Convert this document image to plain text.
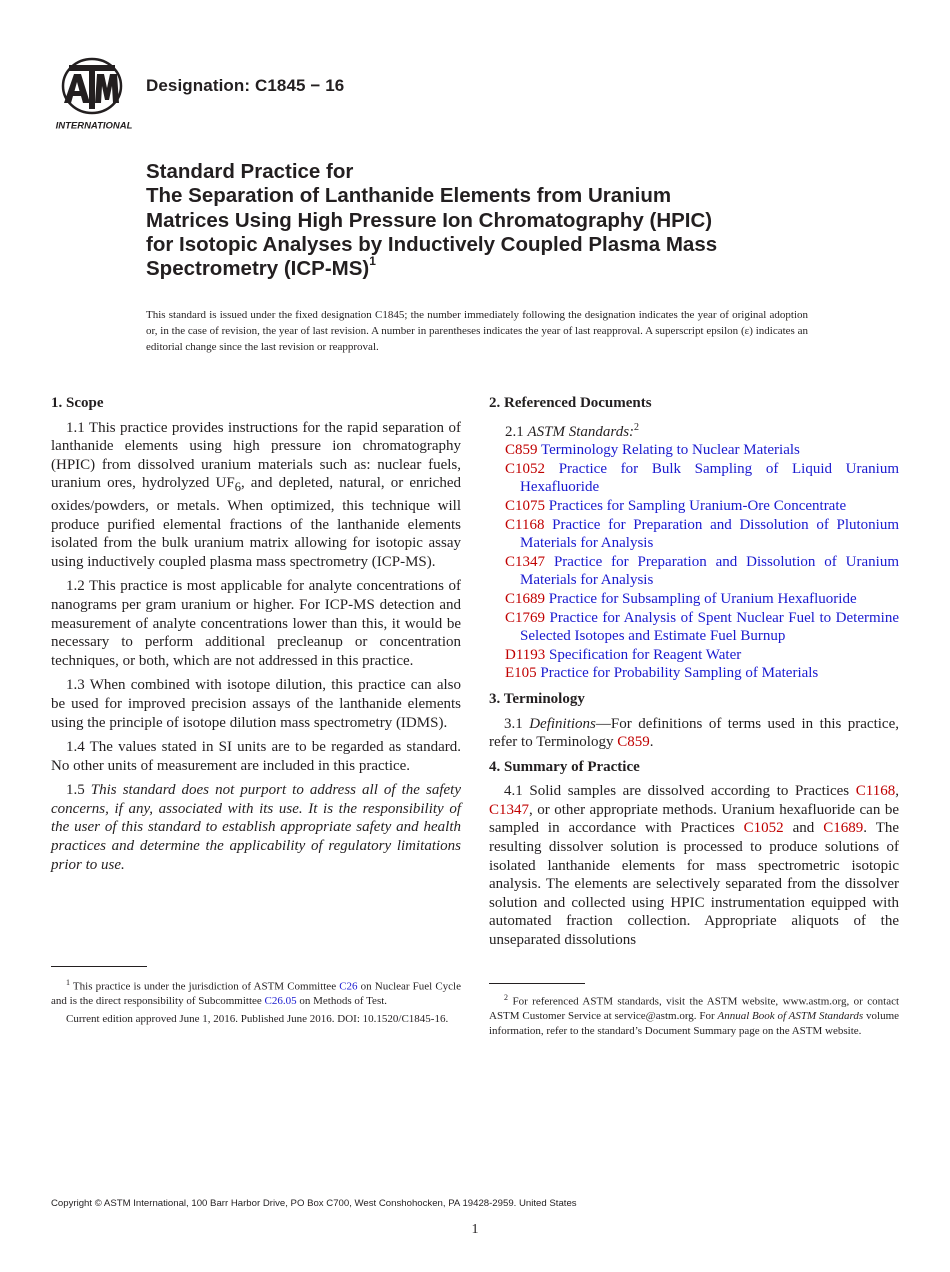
INTERNATIONAL
Designation: C1845 − 16
Standard Practice for
The Separation of Lanthanide Elements from Uranium
Matrices Using High Pressure Ion Chromatography (HPIC)
for Isotopic Analyses by Inductively Coupled Plasma Mass
Spectrometry $(ICP-MS)^1$
This standard is issued under the fixed designation C1845; the number immediately following the designation indicates the year of original adoption or, in the case of revision, the year of last revision. A number in parentheses indicates the year of last reapproval. A superscript epsilon (ε) indicates an editorial change since the last revision or reapproval.
1. Scope

1.1 This practice provides instructions for the rapid separation of lanthanide elements using high pressure ion chromatography (HPIC) from dissolved uranium materials such as: nuclear fuels, uranium ores, hydrolyzed $UF_6$, and depleted, natural, or enriched oxides/powders, or metals. When optimized, this technique will produce purified elemental fractions of the lanthanide elements isolated from the bulk uranium matrix allowing for isotopic assay using inductively coupled plasma mass spectrometry (ICP-MS).

1.2 This practice is most applicable for analyte concentrations of nanograms per gram uranium or higher. For ICP-MS detection and measurement of analyte concentrations lower than this, it would be necessary to perform additional precleanup or concentration techniques, or both, which are not addressed in this practice.

1.3 When combined with isotope dilution, this practice can also be used for improved precision assays of the lanthanide elements using the principle of isotope dilution mass spectrometry (IDMS).

1.4 The values stated in SI units are to be regarded as standard. No other units of measurement are included in this practice.

1.5 This standard does not purport to address all of the safety concerns, if any, associated with its use. It is the responsibility of the user of this standard to establish appropriate safety and health practices and determine the applicability of regulatory limitations prior to use.

2. Referenced Documents
2.1 ASTM Standards:$^2$

C859 Terminology Relating to Nuclear Materials

C1052 Practice for Bulk Sampling of Liquid Uranium Hexafluoride

C1075 Practices for Sampling Uranium-Ore Concentrate

C1168 Practice for Preparation and Dissolution of Plutonium Materials for Analysis

C1347 Practice for Preparation and Dissolution of Uranium Materials for Analysis

C1689 Practice for Subsampling of Uranium Hexafluoride

C1769 Practice for Analysis of Spent Nuclear Fuel to Determine Selected Isotopes and Estimate Fuel Burnup

D1193 Specification for Reagent Water

E105 Practice for Probability Sampling of Materials

3. Terminology

3.1 Definitions—For definitions of terms used in this practice, refer to Terminology C859.

4. Summary of Practice

4.1 Solid samples are dissolved according to Practices C1168, C1347, or other appropriate methods. Uranium hexafluoride can be sampled in accordance with Practices C1052 and C1689. The resulting dissolver solution is processed to produce solutions of isolated lanthanide elements for mass spectrometric isotopic analysis. The elements are selectively separated from the dissolver solution and collected using HPIC instrumentation equipped with automated fraction collection. Appropriate aliquots of the unseparated dissolutions

$^1$ This practice is under the jurisdiction of ASTM Committee C26 on Nuclear Fuel Cycle and is the direct responsibility of Subcommittee C26.05 on Methods of Test.

Current edition approved June 1, 2016. Published June 2016. DOI: 10.1520/C1845-16.

$^2$ For referenced ASTM standards, visit the ASTM website, www.astm.org, or contact ASTM Customer Service at service@astm.org. For Annual Book of ASTM Standards volume information, refer to the standard’s Document Summary page on the ASTM website.

Copyright © ASTM International, 100 Barr Harbor Drive, PO Box C700, West Conshohocken, PA 19428-2959. United States
1
